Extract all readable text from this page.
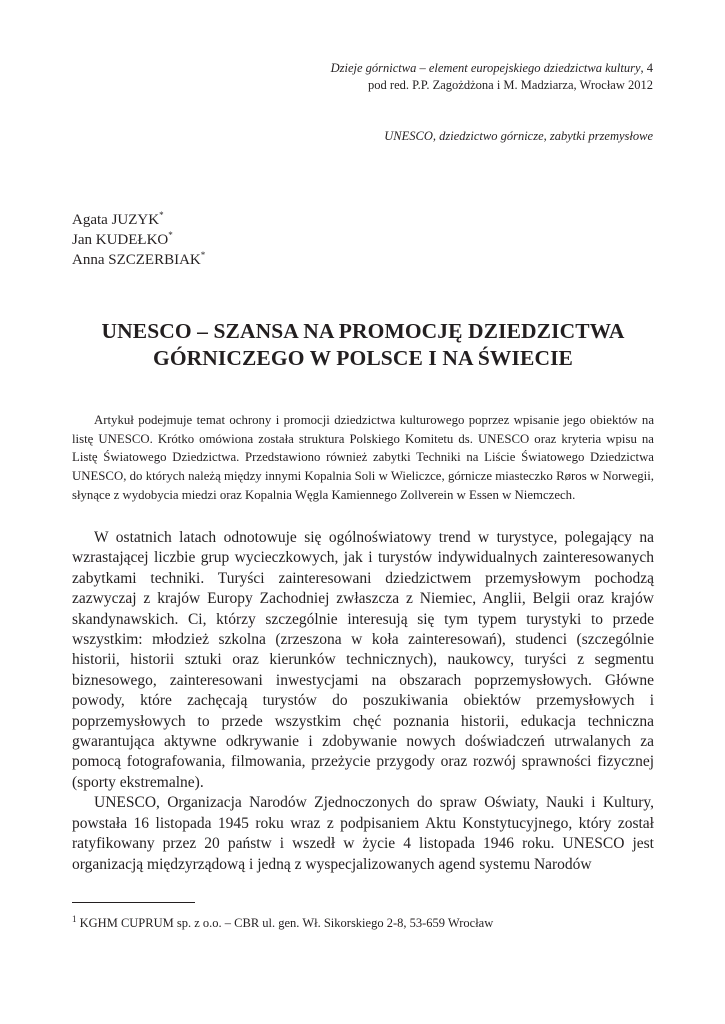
Dzieje górnictwa – element europejskiego dziedzictwa kultury, 4
pod red. P.P. Zagożdżona i M. Madziarza, Wrocław 2012
UNESCO, dziedzictwo górnicze, zabytki przemysłowe
Agata JUZYK*
Jan KUDEŁKO*
Anna SZCZERBIAK*
UNESCO – SZANSA NA PROMOCJĘ DZIEDZICTWA
GÓRNICZEGO W POLSCE I NA ŚWIECIE

Artykuł podejmuje temat ochrony i promocji dziedzictwa kulturowego poprzez wpisanie jego obiektów na listę UNESCO. Krótko omówiona została struktura Polskiego Komitetu ds. UNESCO oraz kryteria wpisu na Listę Światowego Dziedzictwa. Przedstawiono również zabytki Techniki na Liście Światowego Dziedzictwa UNESCO, do których należą między innymi Kopalnia Soli w Wieliczce, górnicze miasteczko Røros w Norwegii, słynące z wydobycia miedzi oraz Kopalnia Węgla Kamiennego Zollverein w Essen w Niemczech.

W ostatnich latach odnotowuje się ogólnoświatowy trend w turystyce, polegający na wzrastającej liczbie grup wycieczkowych, jak i turystów indywidualnych zainteresowanych zabytkami techniki. Turyści zainteresowani dziedzictwem przemysłowym pochodzą zazwyczaj z krajów Europy Zachodniej zwłaszcza z Niemiec, Anglii, Belgii oraz krajów skandynawskich. Ci, którzy szczególnie interesują się tym typem turystyki to przede wszystkim: młodzież szkolna (zrzeszona w koła zainteresowań), studenci (szczególnie historii, historii sztuki oraz kierunków technicznych), naukowcy, turyści z segmentu biznesowego, zainteresowani inwestycjami na obszarach poprzemysłowych. Główne powody, które zachęcają turystów do poszukiwania obiektów przemysłowych i poprzemysłowych to przede wszystkim chęć poznania historii, edukacja techniczna gwarantująca aktywne odkrywanie i zdobywanie nowych doświadczeń utrwalanych za pomocą fotografowania, filmowania, przeżycie przygody oraz rozwój sprawności fizycznej (sporty ekstremalne).

UNESCO, Organizacja Narodów Zjednoczonych do spraw Oświaty, Nauki i Kultury, powstała 16 listopada 1945 roku wraz z podpisaniem Aktu Konstytucyjnego, który został ratyfikowany przez 20 państw i wszedł w życie 4 listopada 1946 roku. UNESCO jest organizacją międzyrządową i jedną z wyspecjalizowanych agend systemu Narodów

$^1$ KGHM CUPRUM sp. z o.o. – CBR ul. gen. Wł. Sikorskiego 2-8, 53-659 Wrocław
